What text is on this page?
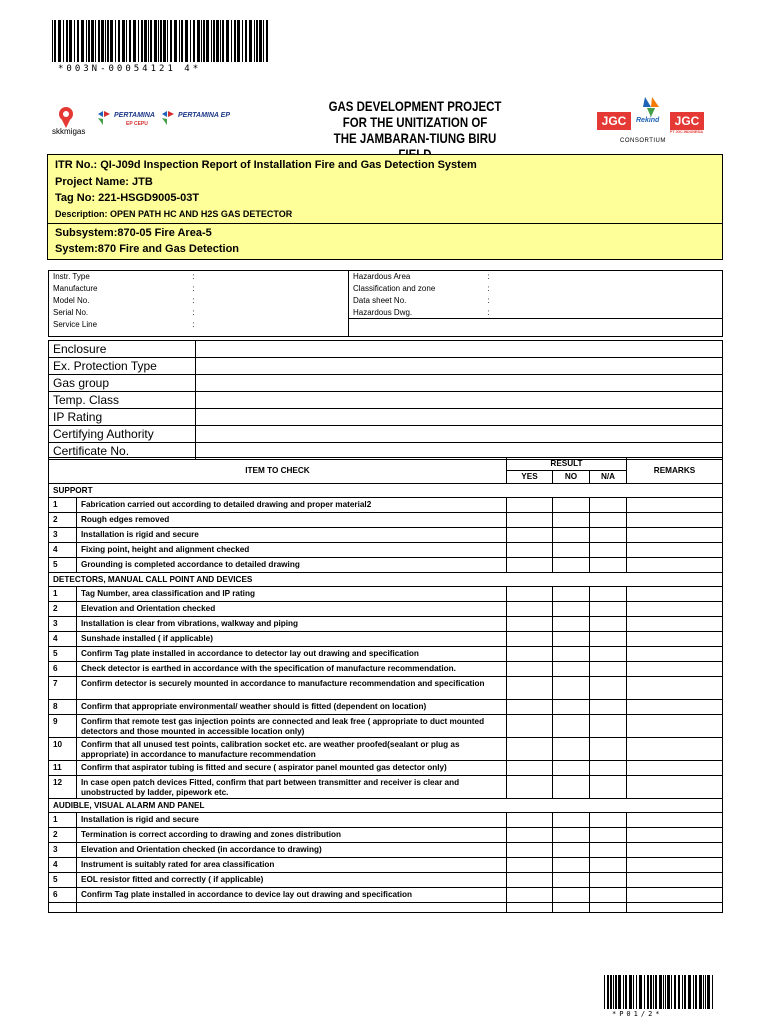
*003N-00054121 4*
skkmigas
PERTAMINA
EP CEPU
PERTAMINA EP
GAS DEVELOPMENT PROJECT
FOR THE UNITIZATION OF
THE JAMBARAN-TIUNG BIRU
JGC	Rekind	JGC
PT JGC INDONESIA
CONSORTIUM
ITR No.: QI-J09d Inspection Report of Installation Fire and Gas Detection System
Project Name: JTB
Tag No: 221-HSGD9005-03T
Description: OPEN PATH HC AND H2S GAS DETECTOR
Subsystem:870-05 Fire Area-5
System:870 Fire and Gas Detection
Instr. Type	:	Hazardous Area	:
Manufacture	:	Classification and zone	:
Model No.	:	Data sheet No.	:
Serial No.	:	Hazardous Dwg.	:
Service Line	:		

Enclosure	
Ex. Protection Type	
Gas group	
Temp. Class	
IP Rating	
Certifying Authority	
Certificate No.	
ITEM TO CHECK		RESULT			REMARKS
		YES	NO	N/A	
SUPPORT					
1	Fabrication carried out according to detailed drawing and proper material2				
2	Rough edges removed				
3	Installation is rigid and secure				
4	Fixing point, height and alignment checked				
5	Grounding is completed accordance to detailed drawing				
DETECTORS, MANUAL CALL POINT AND DEVICES					
1	Tag Number, area classification and IP rating				
2	Elevation and Orientation checked				
3	Installation is clear from vibrations, walkway and piping				
4	Sunshade installed ( if applicable)				
5	Confirm Tag plate installed in accordance to detector lay out drawing and specification				
6	Check detector is earthed in accordance with the specification of manufacture recommendation.				
7	Confirm detector is securely mounted in accordance to manufacture recommendation and specification				
8	Confirm that appropriate environmental/ weather should is fitted (dependent on location)				
9	Confirm that remote test gas injection points are connected and leak free ( appropriate to duct mounted detectors and those mounted in accessible location only)				
10	Confirm that all unused test points, calibration socket etc. are weather proofed(sealant or plug as appropriate) in accordance to manufacture recommendation				
11	Confirm that aspirator tubing is fitted and secure ( aspirator panel mounted gas detector only)				
12	In case open patch devices Fitted, confirm that part between transmitter and receiver is clear and unobstructed by ladder, pipework etc.				
AUDIBLE, VISUAL ALARM AND PANEL					
1	Installation is rigid and secure				
2	Termination is correct according to drawing and zones distribution				
3	Elevation and Orientation checked (in accordance to drawing)				
4	Instrument is suitably rated for area classification				
5	EOL resistor fitted and correctly ( if applicable)				
6	Confirm Tag plate installed in accordance to device lay out drawing and specification				

*P01/2*
